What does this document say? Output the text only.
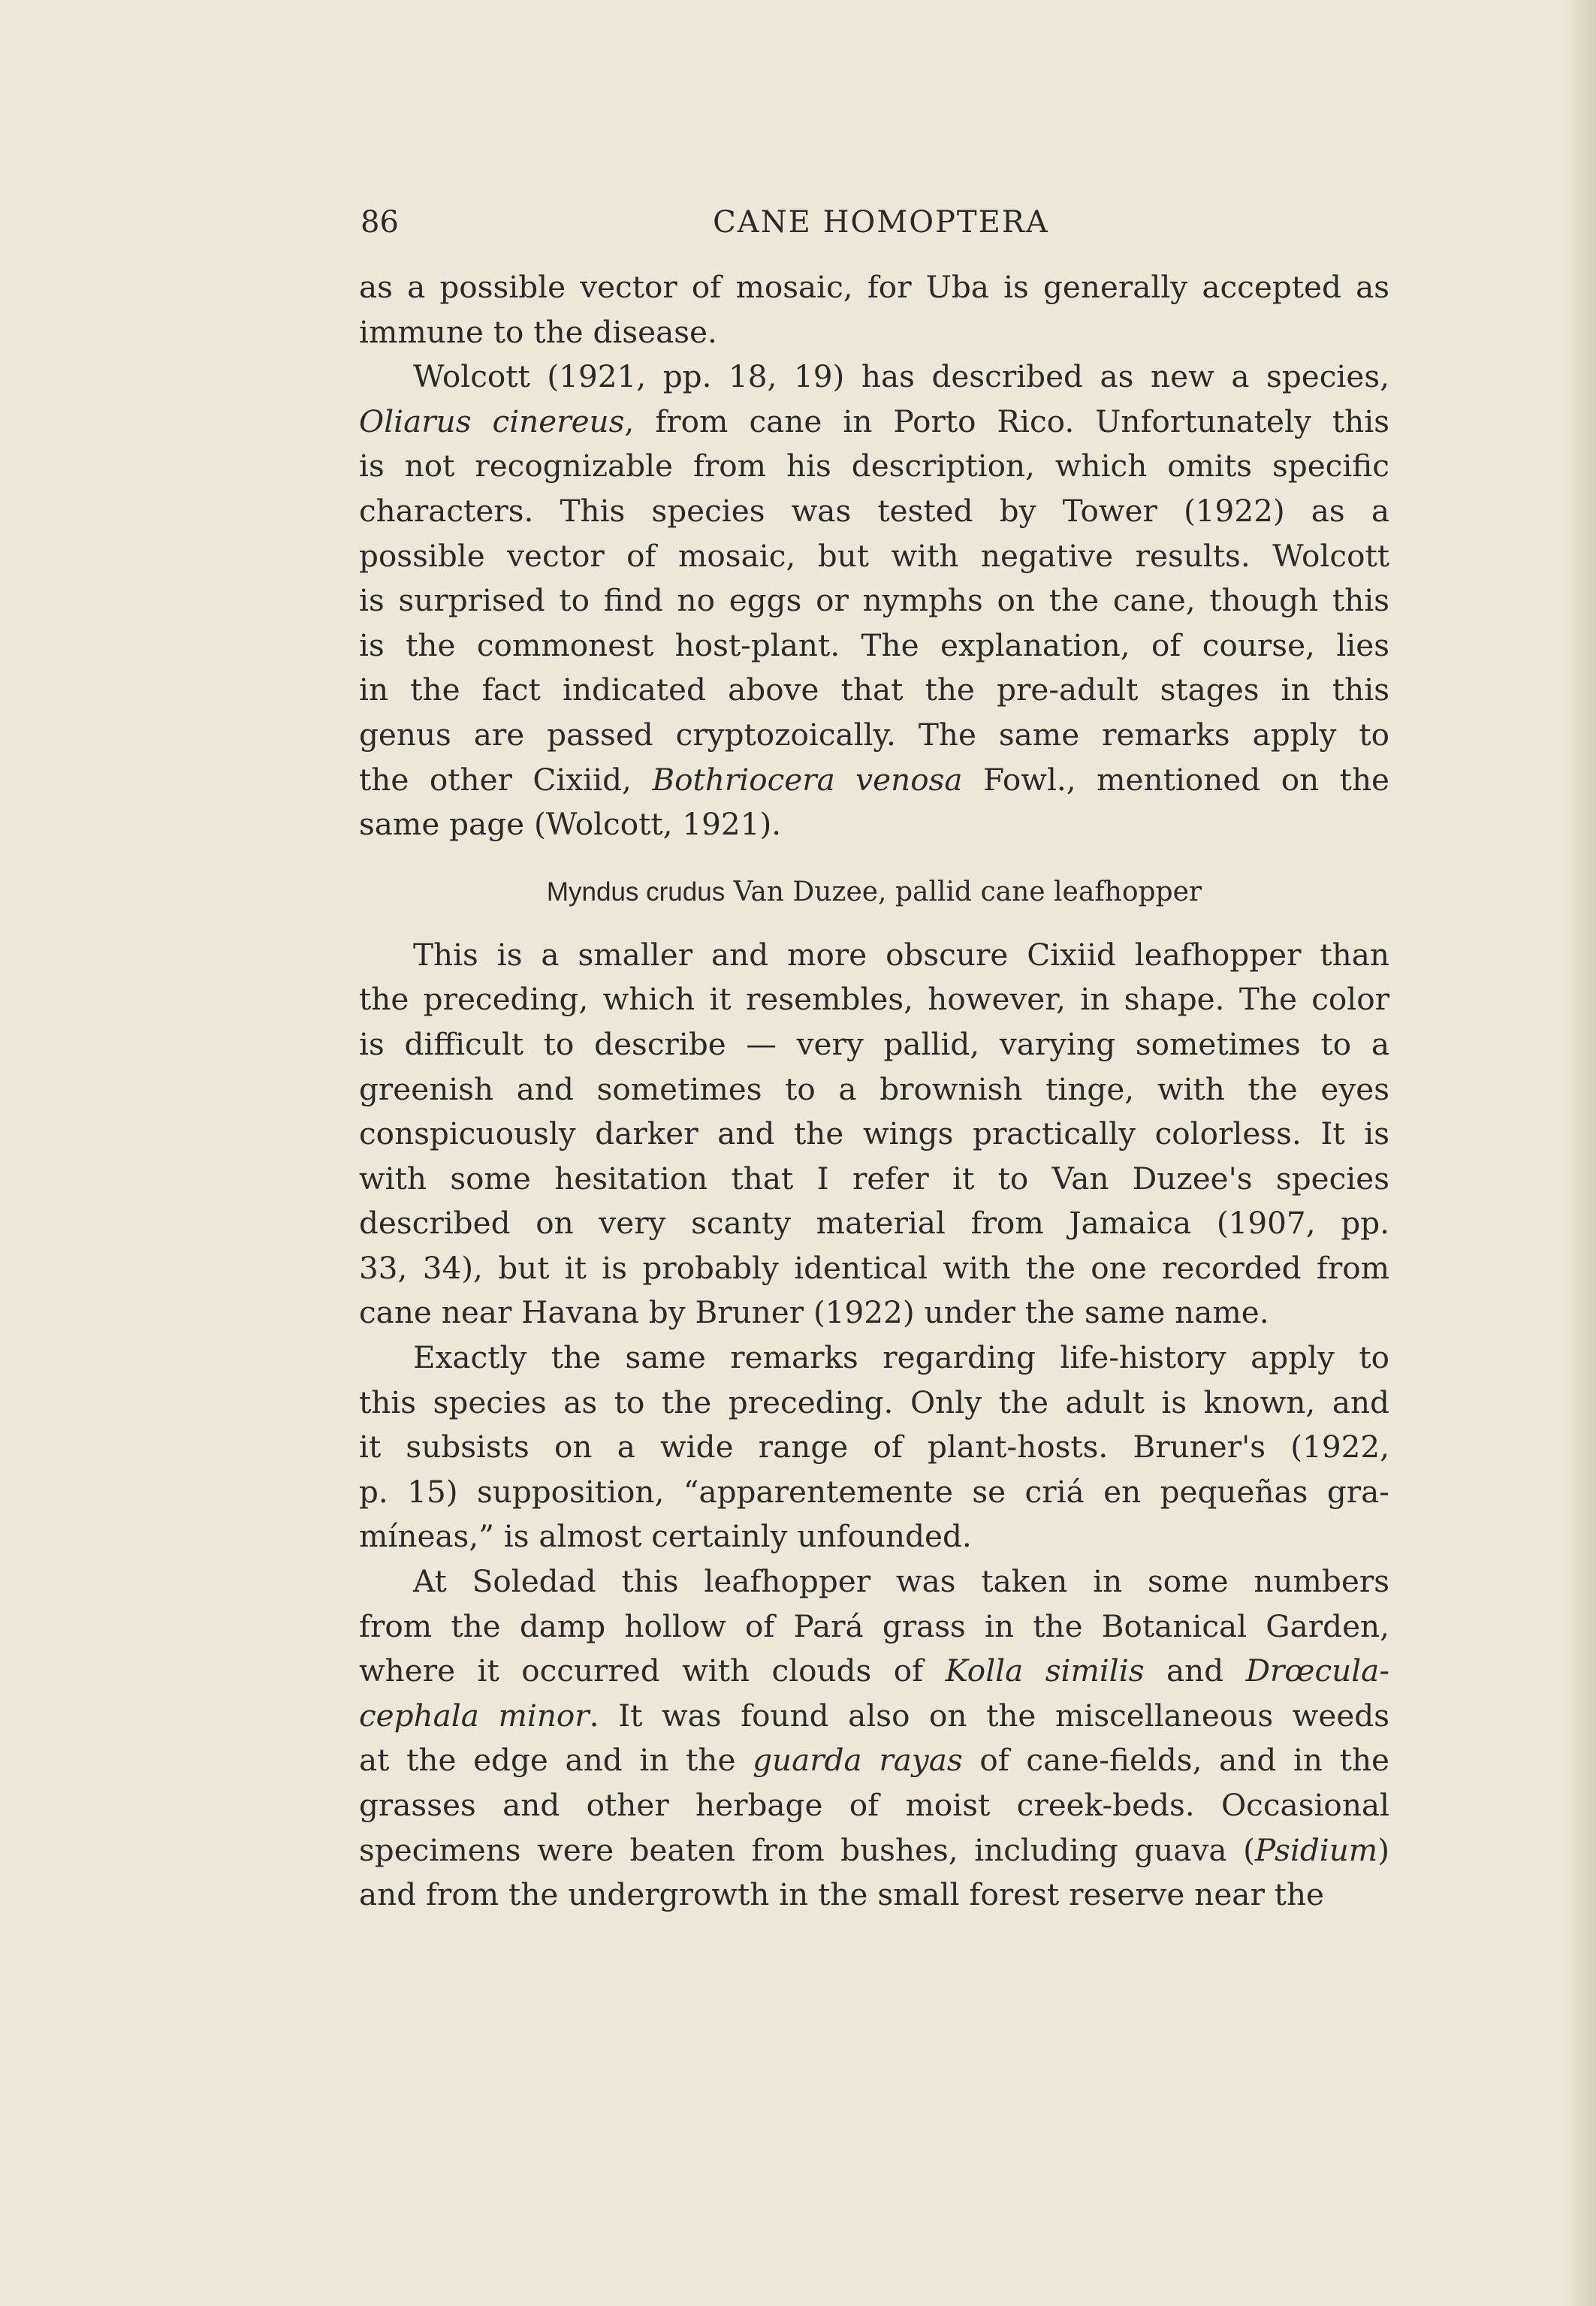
86	CANE HOMOPTERA
as a possible vector of mosaic, for Uba is generally accepted as
immune to the disease.
Wolcott (1921, pp. 18, 19) has described as new a species,
Oliarus cinereus, from cane in Porto Rico. Unfortunately this
is not recognizable from his description, which omits specific
characters. This species was tested by Tower (1922) as a
possible vector of mosaic, but with negative results. Wolcott
is surprised to find no eggs or nymphs on the cane, though this
is the commonest host-plant. The explanation, of course, lies
in the fact indicated above that the pre-adult stages in this
genus are passed cryptozoically. The same remarks apply to
the other Cixiid, Bothriocera venosa Fowl., mentioned on the
same page (Wolcott, 1921).
Myndus crudus Van Duzee, pallid cane leafhopper
This is a smaller and more obscure Cixiid leafhopper than
the preceding, which it resembles, however, in shape. The color
is difficult to describe — very pallid, varying sometimes to a
greenish and sometimes to a brownish tinge, with the eyes
conspicuously darker and the wings practically colorless. It is
with some hesitation that I refer it to Van Duzee's species
described on very scanty material from Jamaica (1907, pp.
33, 34), but it is probably identical with the one recorded from
cane near Havana by Bruner (1922) under the same name.
Exactly the same remarks regarding life-history apply to
this species as to the preceding. Only the adult is known, and
it subsists on a wide range of plant-hosts. Bruner's (1922,
p. 15) supposition, “apparentemente se criá en pequeñas gra-
míneas,” is almost certainly unfounded.
At Soledad this leafhopper was taken in some numbers
from the damp hollow of Pará grass in the Botanical Garden,
where it occurred with clouds of Kolla similis and Drœcula-
cephala minor. It was found also on the miscellaneous weeds
at the edge and in the guarda rayas of cane-fields, and in the
grasses and other herbage of moist creek-beds. Occasional
specimens were beaten from bushes, including guava (Psidium)
and from the undergrowth in the small forest reserve near the
